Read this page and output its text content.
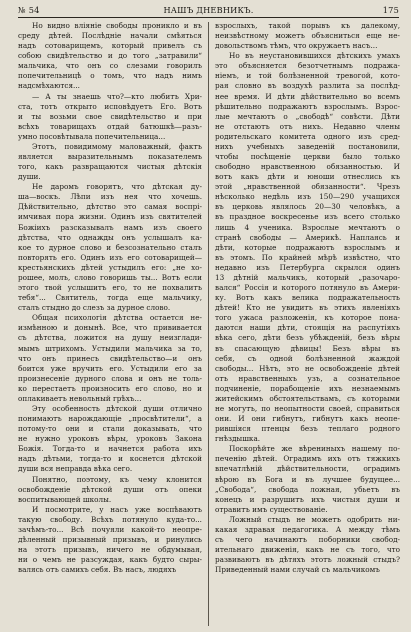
№ 54	НАШЪ ДНЕВНИКЪ.	175
Но видно вліяніе свободы проникло и въ
среду дѣтей. Послѣдніе начали смѣяться
надъ сотоварищемъ, который привелъ съ
собою свидѣтельство и до того „затравили“
мальчика, что онъ со слезами говорилъ
попечительницѣ о томъ, что надъ нимъ
надсмѣхаются...
— А ты знаешь что?—кто любитъ Хри-
ста, тотъ открыто исповѣдуетъ Его. Вотъ
и ты возьми свое свидѣтельство и при
всѣхъ товарищахъ отдай батюшкѣ—разъ-
умно посовѣтывала попечительница...
Этотъ, повидимому маловажный, фактъ
является выразительнымъ показателемъ
того, какъ развращаются чистыя дѣтскія
души.
Не даромъ говорятъ, что дѣтская ду-
ша—воскъ. Лѣпи изъ нея что хочешь.
Дѣйствительно, дѣтство это самая воспрі-
имчивая пора жизни. Одинъ изъ святителей
Божіихъ разсказывалъ намъ изъ своего
дѣтства, что однажды онъ услышалъ ка-
кое то дурное слово и безсознательно сталъ
повторять его. Одинъ изъ его сотоварищей—
крестьянскихъ дѣтей устыдилъ его: „не хо-
рошее, молъ, слово говоришь ты... Вотъ если
этого твой услышитъ его, то не похвалитъ
тебя“... Святитель, тогда еще мальчику,
сталъ стыдно до слезъ за дурное слово.
Общая психологія дѣтства остается не-
измѣнною и донынѣ. Все, что прививается
съ дѣтства, ложится на душу неизглади-
мымъ штрихомъ. Устыдили мальчика за то,
что онъ принесъ свидѣтельство—и онъ
боится уже вручить его. Устыдили его за
произнесеніе дурного слова и онъ не толь-
ко перестаетъ произносить его слово, но и
оплакиваетъ невольный грѣхъ...
Эту особенность дѣтской души отлично
понимаютъ нарождающіе „просвѣтители“, а
потому-то они и стали доказывать, что
не нужно уроковъ вѣры, уроковъ Закона
Божія. Тогда-то и начнется работа ихъ
надъ дѣтьми, тогда-то и коснется дѣтской
души вся неправда вѣка сего.
Понятно, поэтому, къ чему клонится
освобожденіе дѣтской души отъ опеки
воспитывающей школы.
И посмотрите, у насъ уже воспѣваютъ
такую свободу. Всѣхъ потянуло куда-то...
зачѣмъ-то... Всѣ почуяли какой-то неопре-
дѣленный призывный призывъ, и ринулись
на этотъ призывъ, ничего не обдумывая,
ни о чемъ не разсуждая, какъ будто сыры-
валясь отъ самихъ себя. Въ насъ, людяхъ
взрослыхъ, такой порывъ къ далекому,
неизвѣстному можетъ объясниться еще не-
довольствомъ тѣмъ, что окружаетъ насъ...
Но въ неустановившихся дѣтскихъ умахъ
это объясняется безотчетнымъ подража-
ніемъ, и той болѣзненной тревогой, кото-
рая словно въ воздухѣ разлита за послѣд-
нее время. И дѣти дѣйствительно во всемъ
рѣшительно подражаютъ взрослымъ. Взрос-
лые мечтаютъ о „свободѣ“ совѣсти. Дѣти
не отстаютъ отъ нихъ. Недавно члены
родительскаго комитета одного изъ сред-
нихъ учебныхъ заведеній постановили,
чтобы посѣщеніе церкви было только
свободно нравственною обязанностью. И
вотъ какъ дѣти и юноши отнеслись къ
этой „нравственной обязанности“. Чрезъ
нѣсколько недѣль изъ 150—290 учащихся
въ церковь являлось 20—30 человѣкъ, а
въ праздное воскресенье изъ всего столько
лишь 4 ученика. Взрослые мечтаютъ о
странѣ свободы — Америкѣ. Наплаясь и
дѣти, которые подражаютъ взрослымъ и
въ этомъ. По крайней мѣрѣ извѣстно, что
недавно изъ Петербурга скрылся одинъ
13 дѣтній мальчикъ, который „разочаро-
вался“ Россія и которого потянуло въ Амери-
ку. Вотъ какъ велика подражательность
дѣтей! Кто не увидитъ въ этихъ явленіяхъ
того ужаса разложенія, къ которое пона-
даются наши дѣти, стоящія на распутіяхъ
вѣка сего, дѣти безъ убѣжденій, безъ вѣры
въ спасающую дѣвицы! Безъ вѣры въ
себя, съ одной болѣзненной жаждой
свободы... Нѣтъ, это не освобожденіе дѣтей
отъ нравственныхъ узъ, а сознательное
подчиненіе, порабощеніе ихъ незнаемымъ
житейскимъ обстоятельствамъ, съ которыми
не могутъ, по неопытности своей, справиться
они. И они гибнутъ, гибнутъ какъ неопе-
рившіяся птенцы безъ теплаго родного
гнѣздышка.
Поскорѣйте же вѣрениныхъ нашему по-
печенію дѣтей. Оградимъ ихъ отъ тяжкихъ
впечатлѣній дѣйствительности, оградимъ
вѣрою въ Бога и въ лучшее будущее...
„Свобода“, свобода ложная, убьетъ въ
конецъ и разрушитъ ихъ чистыя души и
отравитъ имъ существованіе.
Ложный стыдъ не можетъ одобрить ни-
какая здравая педагогика. А между тѣмъ
съ чего начинаютъ поборники свобод-
ительнаго движенія, какъ не съ того, что
развиваютъ въ дѣтяхъ этотъ ложный стыдъ?
Приведенный нами случай съ мальчикомъ
